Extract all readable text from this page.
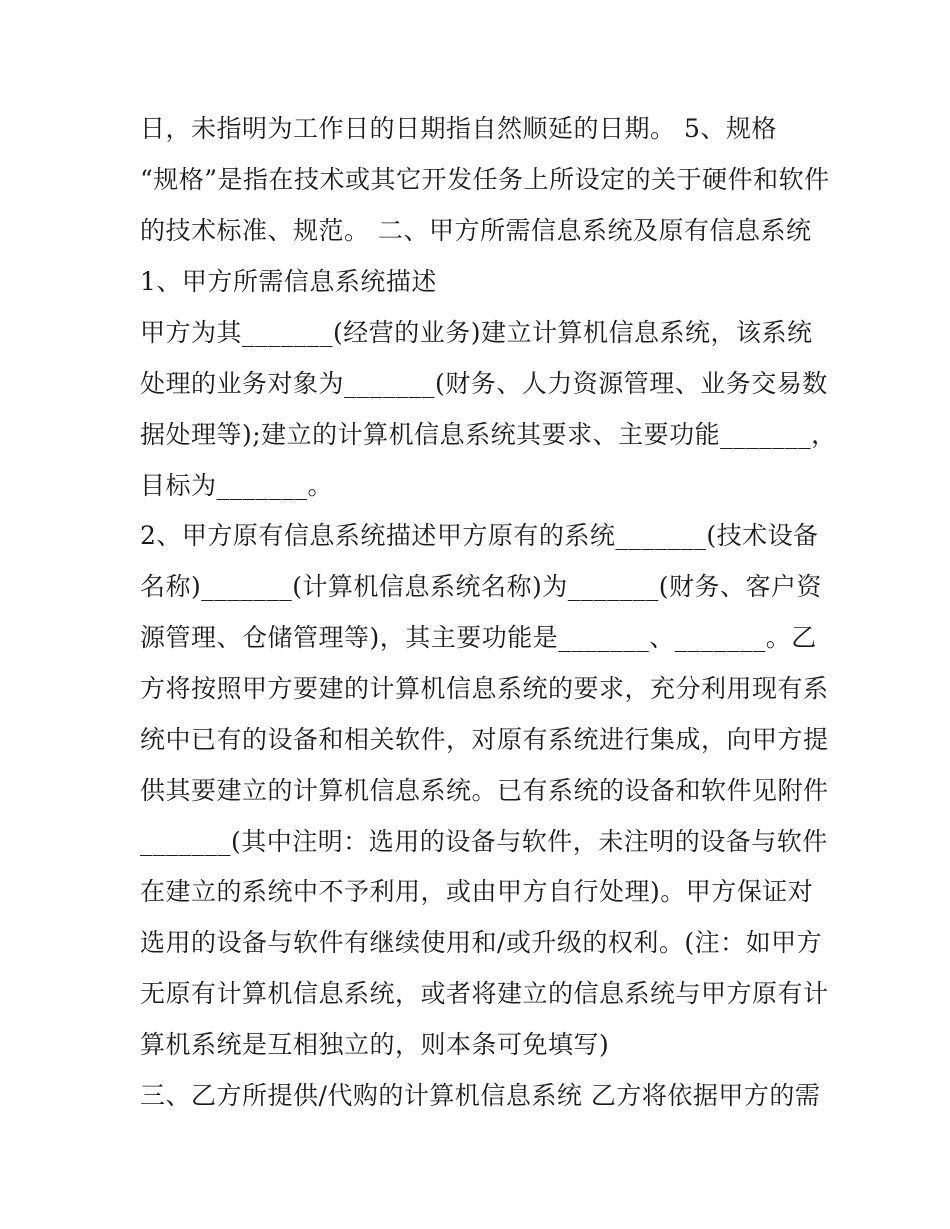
日，未指明为工作日的日期指自然顺延的日期。 5、规格
“规格”是指在技术或其它开发任务上所设定的关于硬件和软件
的技术标准、规范。 二、甲方所需信息系统及原有信息系统
1、甲方所需信息系统描述
甲方为其_______(经营的业务)建立计算机信息系统，该系统
处理的业务对象为_______(财务、人力资源管理、业务交易数
据处理等);建立的计算机信息系统其要求、主要功能_______，
目标为_______。
2、甲方原有信息系统描述甲方原有的系统_______(技术设备
名称)_______(计算机信息系统名称)为_______(财务、客户资
源管理、仓储管理等)，其主要功能是_______、_______。乙
方将按照甲方要建的计算机信息系统的要求，充分利用现有系
统中已有的设备和相关软件，对原有系统进行集成，向甲方提
供其要建立的计算机信息系统。已有系统的设备和软件见附件
_______(其中注明：选用的设备与软件，未注明的设备与软件
在建立的系统中不予利用，或由甲方自行处理)。甲方保证对
选用的设备与软件有继续使用和/或升级的权利。(注：如甲方
无原有计算机信息系统，或者将建立的信息系统与甲方原有计
算机系统是互相独立的，则本条可免填写)
三、乙方所提供/代购的计算机信息系统 乙方将依据甲方的需
